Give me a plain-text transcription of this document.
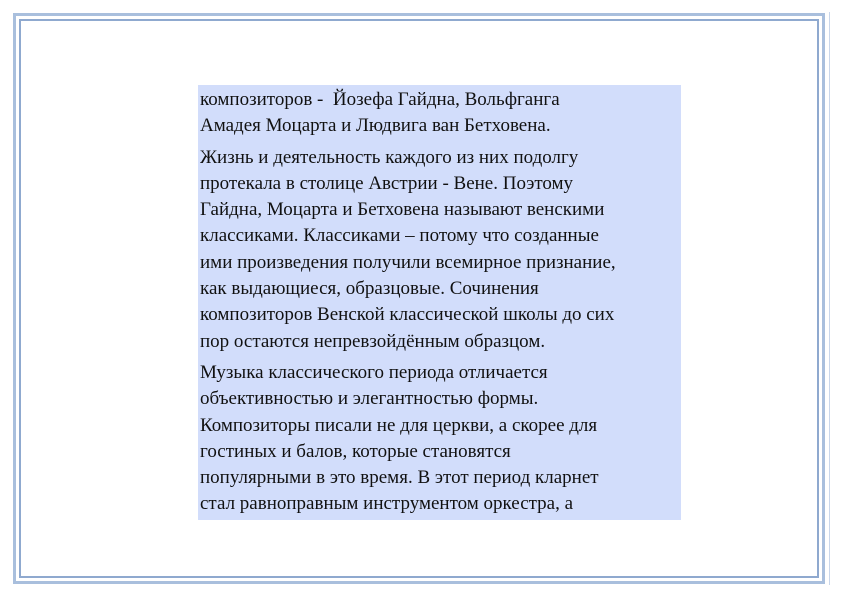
композиторов -  Йозефа Гайдна, Вольфганга
Амадея Моцарта и Людвига ван Бетховена.

Жизнь и деятельность каждого из них подолгу
протекала в столице Австрии - Вене. Поэтому
Гайдна, Моцарта и Бетховена называют венскими
классиками. Классиками – потому что созданные
ими произведения получили всемирное признание,
как выдающиеся, образцовые. Сочинения
композиторов Венской классической школы до сих
пор остаются непревзойдённым образцом.

Музыка классического периода отличается
объективностью и элегантностью формы.
Композиторы писали не для церкви, а скорее для
гостиных и балов, которые становятся
популярными в это время. В этот период кларнет
стал равноправным инструментом оркестра, а
